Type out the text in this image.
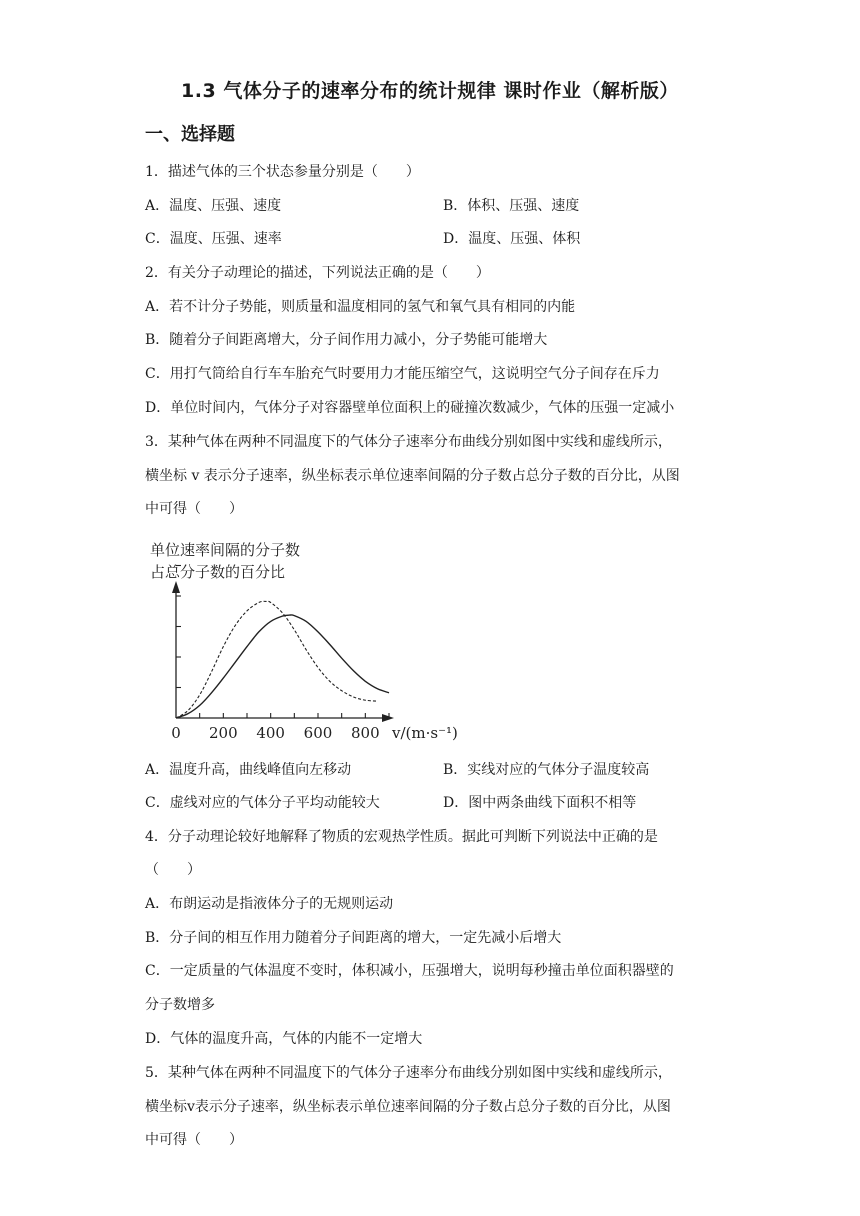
1.3 气体分子的速率分布的统计规律 课时作业（解析版）
一、选择题
1．描述气体的三个状态参量分别是（　　）
A．温度、压强、速度	B．体积、压强、速度
C．温度、压强、速率	D．温度、压强、体积
2．有关分子动理论的描述，下列说法正确的是（　　）
A．若不计分子势能，则质量和温度相同的氢气和氧气具有相同的内能
B．随着分子间距离增大，分子间作用力减小，分子势能可能增大
C．用打气筒给自行车车胎充气时要用力才能压缩空气，这说明空气分子间存在斥力
D．单位时间内，气体分子对容器壁单位面积上的碰撞次数减少，气体的压强一定减小
3．某种气体在两种不同温度下的气体分子速率分布曲线分别如图中实线和虚线所示，
横坐标 v 表示分子速率，纵坐标表示单位速率间隔的分子数占总分子数的百分比，从图
中可得（　　）
单位速率间隔的分子数
占总分子数的百分比
0 200 400 600 800 v/(m·s⁻¹)
A．温度升高，曲线峰值向左移动	B．实线对应的气体分子温度较高
C．虚线对应的气体分子平均动能较大	D．图中两条曲线下面积不相等
4．分子动理论较好地解释了物质的宏观热学性质。据此可判断下列说法中正确的是
（　　）
A．布朗运动是指液体分子的无规则运动
B．分子间的相互作用力随着分子间距离的增大，一定先减小后增大
C．一定质量的气体温度不变时，体积减小，压强增大，说明每秒撞击单位面积器壁的
分子数增多
D．气体的温度升高，气体的内能不一定增大
5．某种气体在两种不同温度下的气体分子速率分布曲线分别如图中实线和虚线所示，
横坐标v表示分子速率，纵坐标表示单位速率间隔的分子数占总分子数的百分比，从图
中可得（　　）
